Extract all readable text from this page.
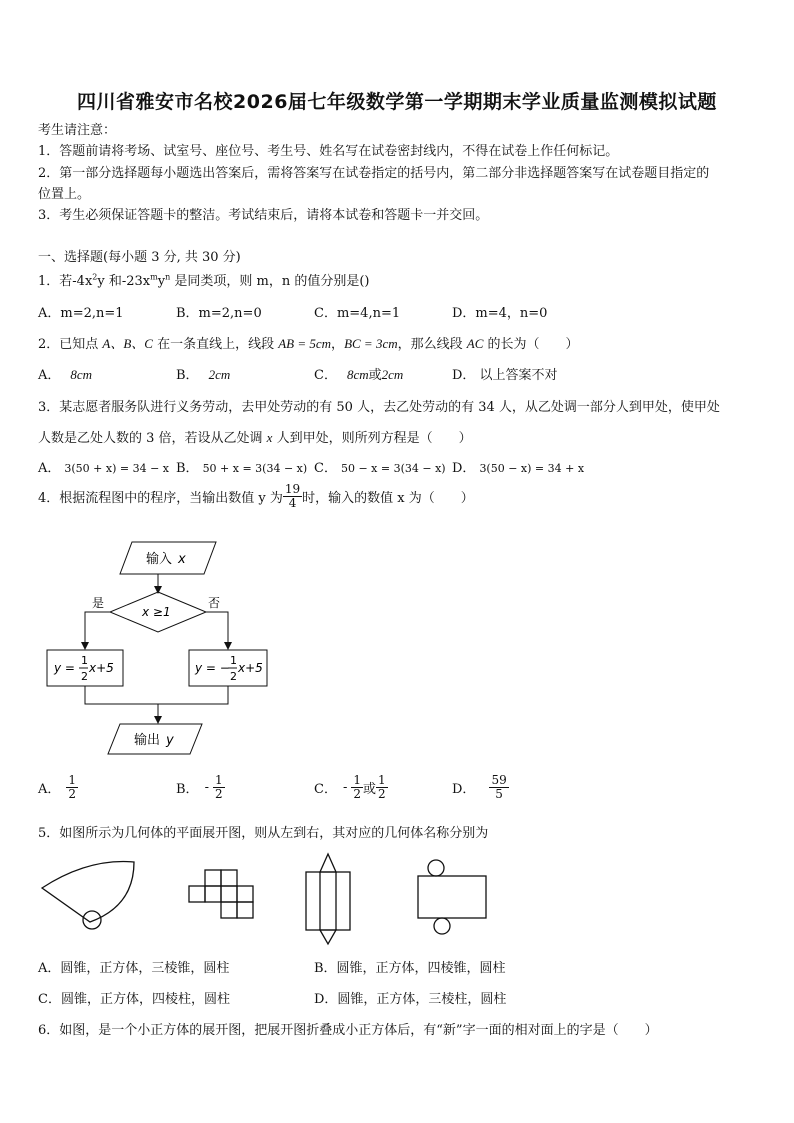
四川省雅安市名校2026届七年级数学第一学期期末学业质量监测模拟试题
考生请注意：
1．答题前请将考场、试室号、座位号、考生号、姓名写在试卷密封线内，不得在试卷上作任何标记。
2．第一部分选择题每小题选出答案后，需将答案写在试卷指定的括号内，第二部分非选择题答案写在试卷题目指定的
位置上。
3．考生必须保证答题卡的整洁。考试结束后，请将本试卷和答题卡一并交回。
一、选择题(每小题 3 分, 共 30 分)
1．若$-4x^2y$ 和$-23x^my^n$ 是同类项，则 m，n 的值分别是()
A．m=2,n=1	B．m=2,n=0	C．m=4,n=1	D．m=4，n=0
2．已知点 A、B、C 在一条直线上，线段 AB = 5cm，BC = 3cm，那么线段 AC 的长为（　　）
A． 8cm	B． 2cm	C． 8cm或2cm	D． 以上答案不对
3．某志愿者服务队进行义务劳动，去甲处劳动的有 50 人，去乙处劳动的有 34 人，从乙处调一部分人到甲处，使甲处
人数是乙处人数的 3 倍，若设从乙处调 x 人到甲处，则所列方程是（　　）
A． 3(50 + x) = 34 − x B． 50 + x = 3(34 − x) C． 50 − x = 3(34 − x) D． 3(50 − x) = 34 + x
4．根据流程图中的程序，当输出数值 y 为 $\frac{19}{4}$ 时，输入的数值 x 为（　　）
输入 x
x ≥1
是	否
y =
1
2
x+5	y = −
1
2
x+5
输出 y
A． $\frac{1}{2}$	B． - $\frac{1}{2}$	C． - $\frac{1}{2}$ 或 $\frac{1}{2}$	D． $\frac{59}{5}$
5．如图所示为几何体的平面展开图，则从左到右，其对应的几何体名称分别为
A．圆锥，正方体，三棱锥，圆柱	B．圆锥，正方体，四棱锥，圆柱
C．圆锥，正方体，四棱柱，圆柱	D．圆锥，正方体，三棱柱，圆柱
6．如图，是一个小正方体的展开图，把展开图折叠成小正方体后，有“新”字一面的相对面上的字是（　　）
